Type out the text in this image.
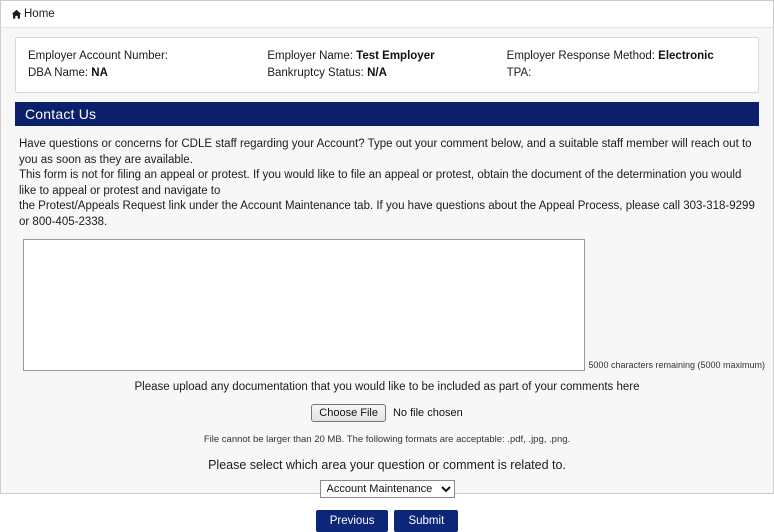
Home
Employer Account Number:
DBA Name: NA
Employer Name: Test Employer
Bankruptcy Status: N/A
Employer Response Method: Electronic
TPA:
Contact Us
Have questions or concerns for CDLE staff regarding your Account? Type out your comment below, and a suitable staff member will reach out to you as soon as they are available.
This form is not for filing an appeal or protest. If you would like to file an appeal or protest, obtain the document of the determination you would like to appeal or protest and navigate to
the Protest/Appeals Request link under the Account Maintenance tab. If you have questions about the Appeal Process, please call 303-318-9299 or 800-405-2338.
5000 characters remaining (5000 maximum)
Please upload any documentation that you would like to be included as part of your comments here
Choose File	No file chosen
File cannot be larger than 20 MB. The following formats are acceptable: .pdf, .jpg, .png.
Please select which area your question or comment is related to.
Account Maintenance
Previous	Submit
